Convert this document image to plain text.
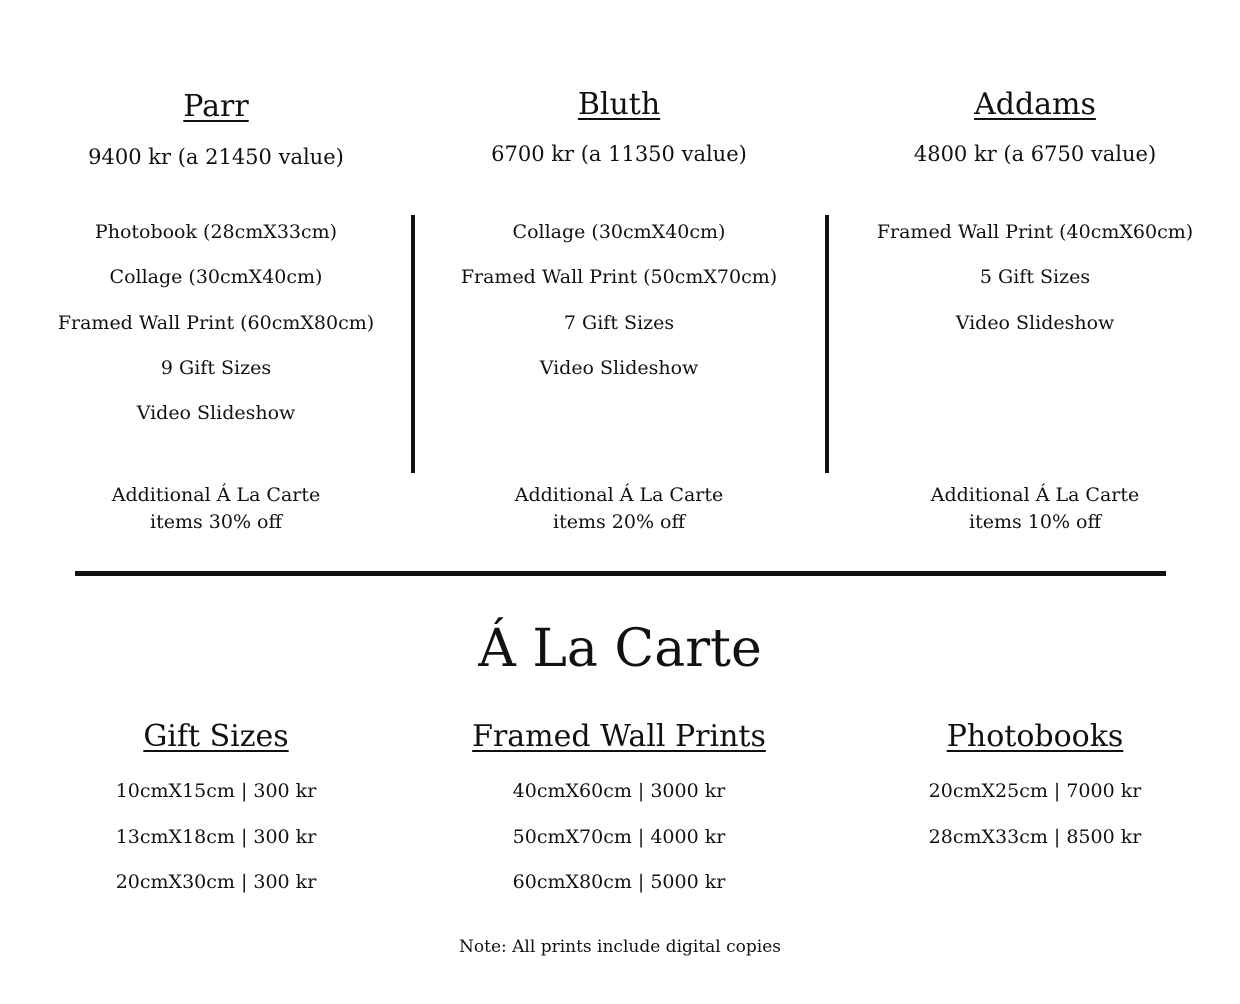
Parr
9400 kr (a 21450 value)
Photobook (28cmX33cm)
Collage (30cmX40cm)
Framed Wall Print (60cmX80cm)
9 Gift Sizes
Video Slideshow
Additional Á La Carte
items 30% off
Bluth
6700 kr (a 11350 value)
Collage (30cmX40cm)
Framed Wall Print (50cmX70cm)
7 Gift Sizes
Video Slideshow
Additional Á La Carte
items 20% off
Addams
4800 kr (a 6750 value)
Framed Wall Print (40cmX60cm)
5 Gift Sizes
Video Slideshow
Additional Á La Carte
items 10% off
Á La Carte
Gift Sizes
10cmX15cm | 300 kr
13cmX18cm | 300 kr
20cmX30cm | 300 kr
Framed Wall Prints
40cmX60cm | 3000 kr
50cmX70cm | 4000 kr
60cmX80cm | 5000 kr
Photobooks
20cmX25cm | 7000 kr
28cmX33cm | 8500 kr
Note: All prints include digital copies
